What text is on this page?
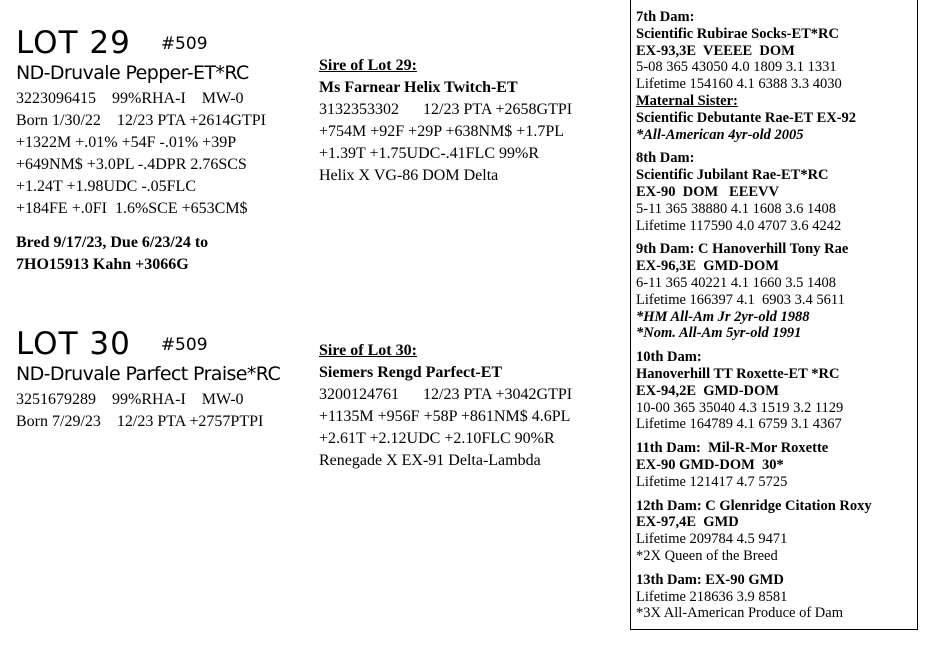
LOT 29 #509
ND-Druvale Pepper-ET*RC
3223096415    99%RHA-I    MW-0
Born 1/30/22    12/23 PTA +2614GTPI
+1322M +.01% +54F -.01% +39P
+649NM$ +3.0PL -.4DPR 2.76SCS
+1.24T +1.98UDC -.05FLC
+184FE +.0FI  1.6%SCE +653CM$
Bred 9/17/23, Due 6/23/24 to
7HO15913 Kahn +3066G
Sire of Lot 29:
Ms Farnear Helix Twitch-ET
3132353302      12/23 PTA +2658GTPI
+754M +92F +29P +638NM$ +1.7PL
+1.39T +1.75UDC-.41FLC 99%R
Helix X VG-86 DOM Delta
LOT 30 #509
ND-Druvale Parfect Praise*RC
3251679289    99%RHA-I    MW-0
Born 7/29/23    12/23 PTA +2757PTPI
Sire of Lot 30:
Siemers Rengd Parfect-ET
3200124761      12/23 PTA +3042GTPI
+1135M +956F +58P +861NM$ 4.6PL
+2.61T +2.12UDC +2.10FLC 90%R
Renegade X EX-91 Delta-Lambda
7th Dam:
Scientific Rubirae Socks-ET*RC
EX-93,3E  VEEEE  DOM
5-08 365 43050 4.0 1809 3.1 1331
Lifetime 154160 4.1 6388 3.3 4030
Maternal Sister:
Scientific Debutante Rae-ET EX-92
*All-American 4yr-old 2005
8th Dam:
Scientific Jubilant Rae-ET*RC
EX-90  DOM   EEEVV
5-11 365 38880 4.1 1608 3.6 1408
Lifetime 117590 4.0 4707 3.6 4242
9th Dam: C Hanoverhill Tony Rae
EX-96,3E  GMD-DOM
6-11 365 40221 4.1 1660 3.5 1408
Lifetime 166397 4.1  6903 3.4 5611
*HM All-Am Jr 2yr-old 1988
*Nom. All-Am 5yr-old 1991
10th Dam:
Hanoverhill TT Roxette-ET *RC
EX-94,2E  GMD-DOM
10-00 365 35040 4.3 1519 3.2 1129
Lifetime 164789 4.1 6759 3.1 4367
11th Dam:  Mil-R-Mor Roxette
EX-90 GMD-DOM  30*
Lifetime 121417 4.7 5725
12th Dam: C Glenridge Citation Roxy
EX-97,4E  GMD
Lifetime 209784 4.5 9471
*2X Queen of the Breed
13th Dam: EX-90 GMD
Lifetime 218636 3.9 8581
*3X All-American Produce of Dam
